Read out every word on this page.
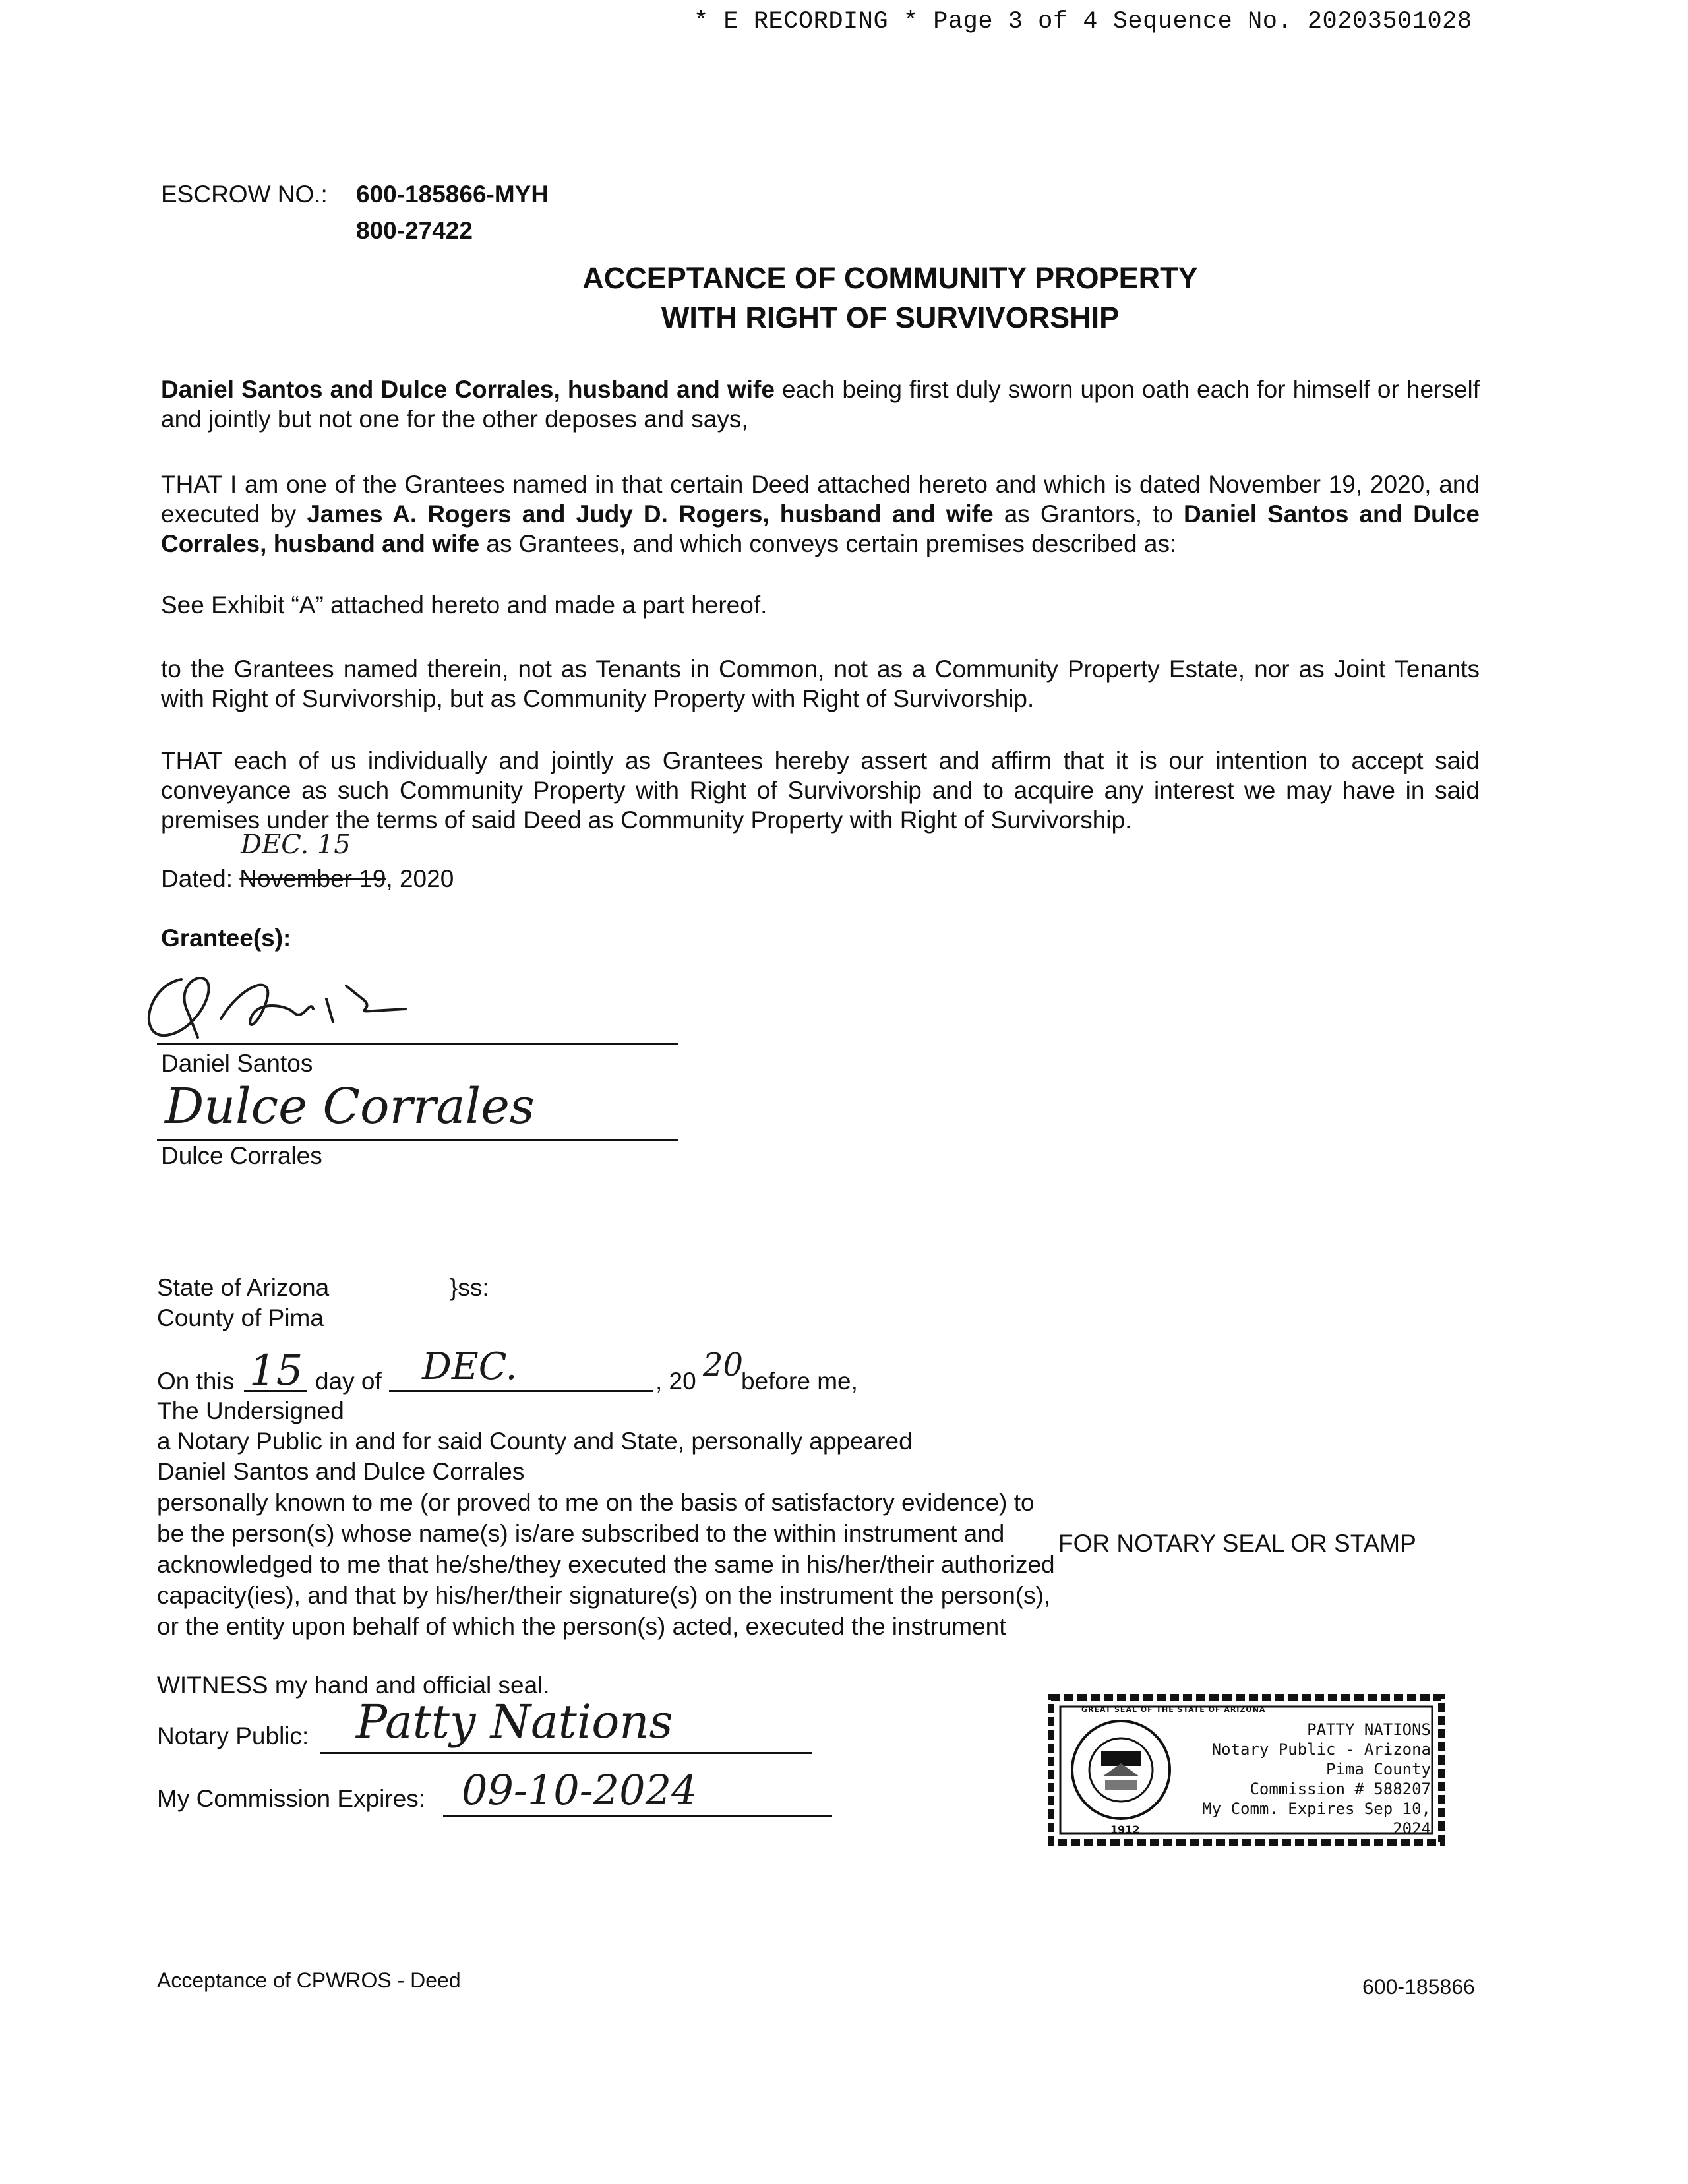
* E RECORDING * Page 3 of 4 Sequence No. 20203501028
ESCROW NO.: 600-185866-MYH
800-27422
ACCEPTANCE OF COMMUNITY PROPERTY
WITH RIGHT OF SURVIVORSHIP
Daniel Santos and Dulce Corrales, husband and wife each being first duly sworn upon oath each for himself or herself and jointly but not one for the other deposes and says,
THAT I am one of the Grantees named in that certain Deed attached hereto and which is dated November 19, 2020, and executed by James A. Rogers and Judy D. Rogers, husband and wife as Grantors, to Daniel Santos and Dulce Corrales, husband and wife as Grantees, and which conveys certain premises described as:
See Exhibit “A” attached hereto and made a part hereof.
to the Grantees named therein, not as Tenants in Common, not as a Community Property Estate, nor as Joint Tenants with Right of Survivorship, but as Community Property with Right of Survivorship.
THAT each of us individually and jointly as Grantees hereby assert and affirm that it is our intention to accept said conveyance as such Community Property with Right of Survivorship and to acquire any interest we may have in said premises under the terms of said Deed as Community Property with Right of Survivorship.
DEC. 15
Dated: November 19, 2020
Grantee(s):
Daniel Santos
Dulce Corrales
Dulce Corrales
State of Arizona	}ss:
County of Pima
On this 15 day of DEC.	, 20 20
before me,
The Undersigned
a Notary Public in and for said County and State, personally appeared
Daniel Santos and Dulce Corrales
personally known to me (or proved to me on the basis of satisfactory evidence) to be the person(s) whose name(s) is/are subscribed to the within instrument and acknowledged to me that he/she/they executed the same in his/her/their authorized capacity(ies), and that by his/her/their signature(s) on the instrument the person(s), or the entity upon behalf of which the person(s) acted, executed the instrument
WITNESS my hand and official seal.
Notary Public: Patty Nations
My Commission Expires: 09-10-2024
FOR NOTARY SEAL OR STAMP
GREAT SEAL OF THE STATE OF ARIZONA
1912
PATTY NATIONS
Notary Public - Arizona
Pima County
Commission # 588207
My Comm. Expires Sep 10, 2024
Acceptance of CPWROS - Deed	600-185866
